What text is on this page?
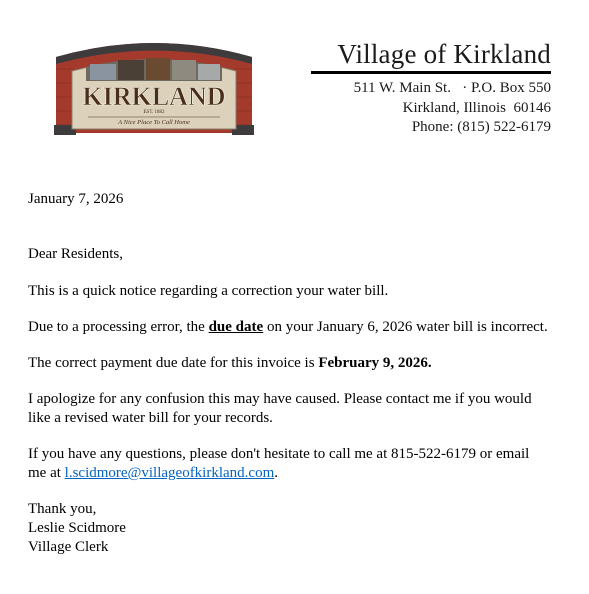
KIRKLAND
EST. 1882
A Nice Place To Call Home
Village of Kirkland
511 W. Main St. · P.O. Box 550
Kirkland, Illinois  60146
Phone: (815) 522-6179

January 7, 2026

Dear Residents,

This is a quick notice regarding a correction your water bill.

Due to a processing error, the due date on your January 6, 2026 water bill is incorrect.

The correct payment due date for this invoice is February 9, 2026.

I apologize for any confusion this may have caused. Please contact me if you would like a revised water bill for your records.

If you have any questions, please don't hesitate to call me at 815-522-6179 or email me at l.scidmore@villageofkirkland.com.

Thank you,
Leslie Scidmore
Village Clerk
